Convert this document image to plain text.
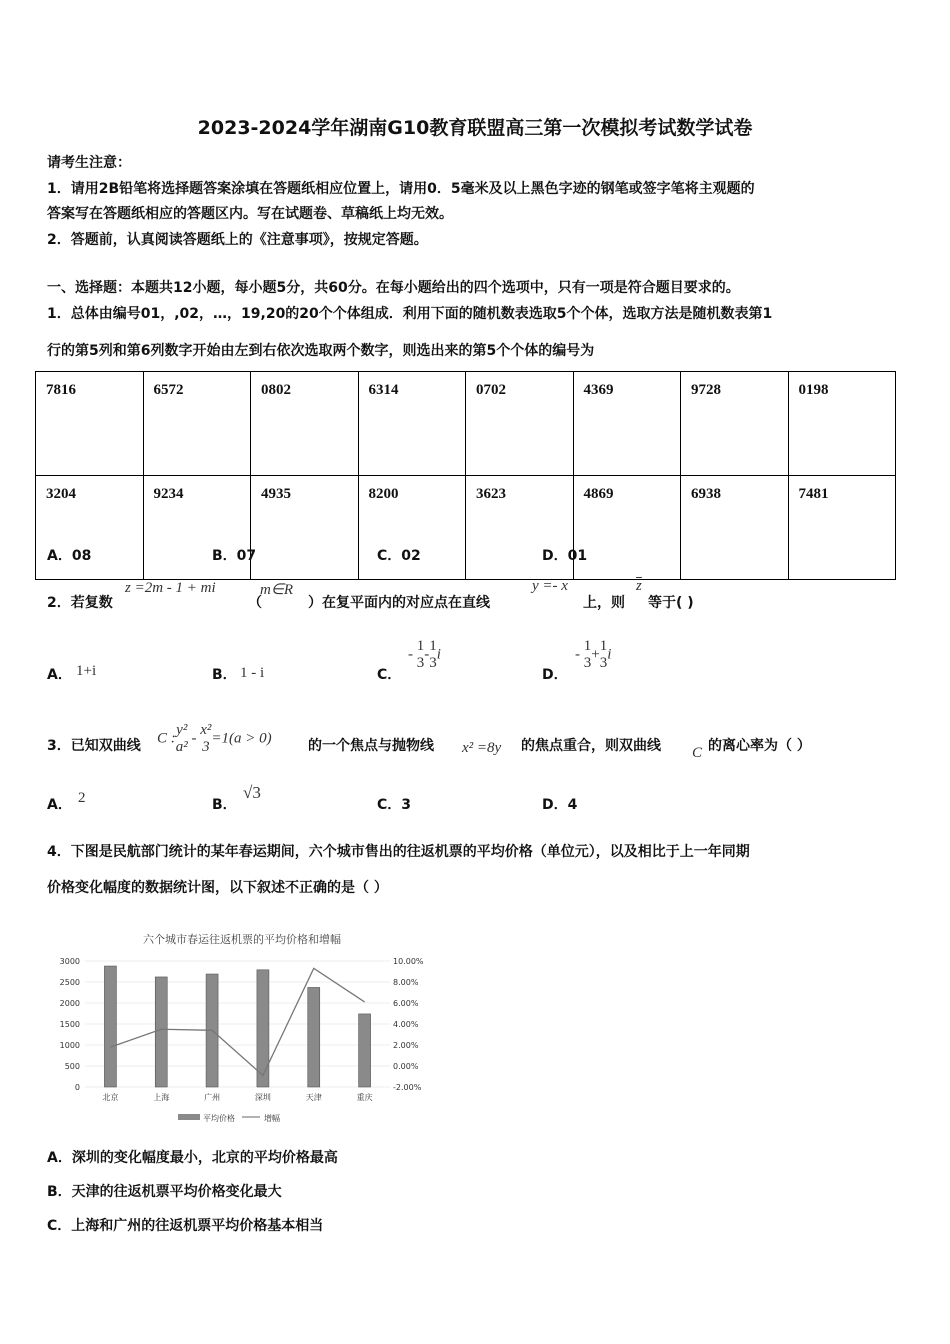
2023-2024学年湖南G10教育联盟高三第一次模拟考试数学试卷
请考生注意：
1．请用2B铅笔将选择题答案涂填在答题纸相应位置上，请用0．5毫米及以上黑色字迹的钢笔或签字笔将主观题的
答案写在答题纸相应的答题区内。写在试题卷、草稿纸上均无效。
2．答题前，认真阅读答题纸上的《注意事项》，按规定答题。
一、选择题：本题共12小题，每小题5分，共60分。在每小题给出的四个选项中，只有一项是符合题目要求的。
1．总体由编号01，,02，…，19,20的20个个体组成．利用下面的随机数表选取5个个体，选取方法是随机数表第1
行的第5列和第6列数字开始由左到右依次选取两个数字，则选出来的第5个个体的编号为
7816	6572	0802	6314	0702	4369	9728	0198
3204	9234	4935	8200	3623	4869	6938	7481
A．08	B．07	C．02	D．01
2．若复数
z =2m - 1 + mi
（
m∈R
）在复平面内的对应点在直线
y =- x
上，则
$\overline{z}$
等于( )
A． 1+i	B． 1 - i	C．
-
1
3
-
1
3
i
D．
-
1
3
+
1
3
i
3．已知双曲线 C :
y²
a²
-
x²
3
=1(a > 0)	的一个焦点与抛物线 x² =8y 的焦点重合，则双曲线 C 的离心率为（ ）
A． 2	B．
√3
C．3	D．4
4．下图是民航部门统计的某年春运期间，六个城市售出的往返机票的平均价格（单位元），以及相比于上一年同期
价格变化幅度的数据统计图，以下叙述不正确的是（ ）
六个城市春运往返机票的平均价格和增幅
0
500
1000
1500
2000
2500
3000
-2.00%
0.00%
2.00%
4.00%
6.00%
8.00%
10.00%
北京	上海	广州	深圳	天津	重庆
平均价格	增幅
A．深圳的变化幅度最小，北京的平均价格最高
B．天津的往返机票平均价格变化最大
C．上海和广州的往返机票平均价格基本相当
